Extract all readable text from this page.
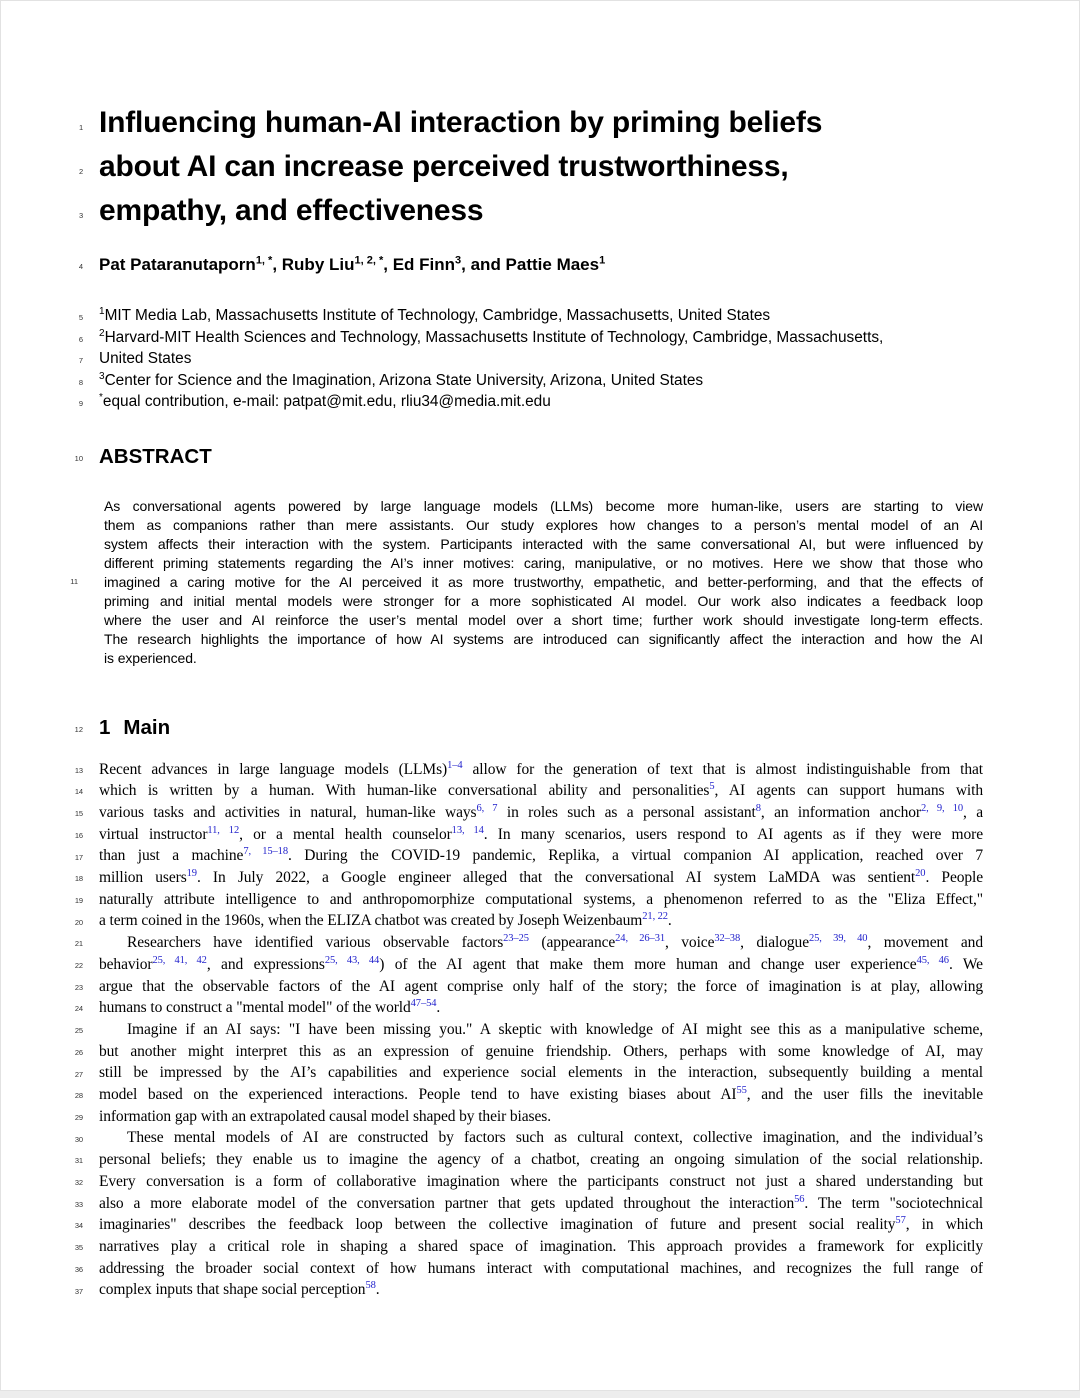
1 Influencing human-AI interaction by priming beliefs
2 about AI can increase perceived trustworthiness,
3 empathy, and effectiveness
4 Pat Pataranutaporn$^{1, *}$, Ruby Liu$^{1, 2, *}$, Ed Finn$^3$, and Pattie Maes$^1$
5
$^1$MIT Media Lab, Massachusetts Institute of Technology, Cambridge, Massachusetts, United States
6
$^2$Harvard-MIT Health Sciences and Technology, Massachusetts Institute of Technology, Cambridge, Massachusetts,
7 United States
8
$^3$Center for Science and the Imagination, Arizona State University, Arizona, United States
9
*equal contribution, e-mail: patpat@mit.edu, rliu34@media.mit.edu
10 ABSTRACT
11
As conversational agents powered by large language models (LLMs) become more human-like, users are starting to view
them as companions rather than mere assistants. Our study explores how changes to a person’s mental model of an AI
system affects their interaction with the system. Participants interacted with the same conversational AI, but were influenced by
different priming statements regarding the AI’s inner motives: caring, manipulative, or no motives. Here we show that those who
imagined a caring motive for the AI perceived it as more trustworthy, empathetic, and better-performing, and that the effects of
priming and initial mental models were stronger for a more sophisticated AI model. Our work also indicates a feedback loop
where the user and AI reinforce the user’s mental model over a short time; further work should investigate long-term effects.
The research highlights the importance of how AI systems are introduced can significantly affect the interaction and how the AI
is experienced.
12 1 Main
13 Recent advances in large language models (LLMs)$^{1-4}$ allow for the generation of text that is almost indistinguishable from that
14 which is written by a human. With human-like conversational ability and personalities$^5$, AI agents can support humans with
15 various tasks and activities in natural, human-like ways$^{6, 7}$ in roles such as a personal assistant$^8$, an information anchor$^{2, 9, 10}$, a
16 virtual instructor$^{11, 12}$, or a mental health counselor$^{13, 14}$. In many scenarios, users respond to AI agents as if they were more
17 than just a machine$^{7, 15-18}$. During the COVID-19 pandemic, Replika, a virtual companion AI application, reached over 7
18 million users$^{19}$. In July 2022, a Google engineer alleged that the conversational AI system LaMDA was sentient$^{20}$. People
19 naturally attribute intelligence to and anthropomorphize computational systems, a phenomenon referred to as the "Eliza Effect,"
20 a term coined in the 1960s, when the ELIZA chatbot was created by Joseph Weizenbaum$^{21, 22}$.
21	Researchers have identified various observable factors$^{23-25}$ (appearance$^{24, 26-31}$, voice$^{32-38}$, dialogue$^{25, 39, 40}$, movement and
22 behavior$^{25, 41, 42}$, and expressions$^{25, 43, 44}$) of the AI agent that make them more human and change user experience$^{45, 46}$. We
23 argue that the observable factors of the AI agent comprise only half of the story; the force of imagination is at play, allowing
24 humans to construct a "mental model" of the world$^{47-54}$.
25	Imagine if an AI says: "I have been missing you." A skeptic with knowledge of AI might see this as a manipulative scheme,
26 but another might interpret this as an expression of genuine friendship. Others, perhaps with some knowledge of AI, may
27 still be impressed by the AI’s capabilities and experience social elements in the interaction, subsequently building a mental
28 model based on the experienced interactions. People tend to have existing biases about AI$^{55}$, and the user fills the inevitable
29 information gap with an extrapolated causal model shaped by their biases.
30	These mental models of AI are constructed by factors such as cultural context, collective imagination, and the individual’s
31 personal beliefs; they enable us to imagine the agency of a chatbot, creating an ongoing simulation of the social relationship.
32 Every conversation is a form of collaborative imagination where the participants construct not just a shared understanding but
33 also a more elaborate model of the conversation partner that gets updated throughout the interaction$^{56}$. The term "sociotechnical
34 imaginaries" describes the feedback loop between the collective imagination of future and present social reality$^{57}$, in which
35 narratives play a critical role in shaping a shared space of imagination. This approach provides a framework for explicitly
36 addressing the broader social context of how humans interact with computational machines, and recognizes the full range of
37 complex inputs that shape social perception$^{58}$.
